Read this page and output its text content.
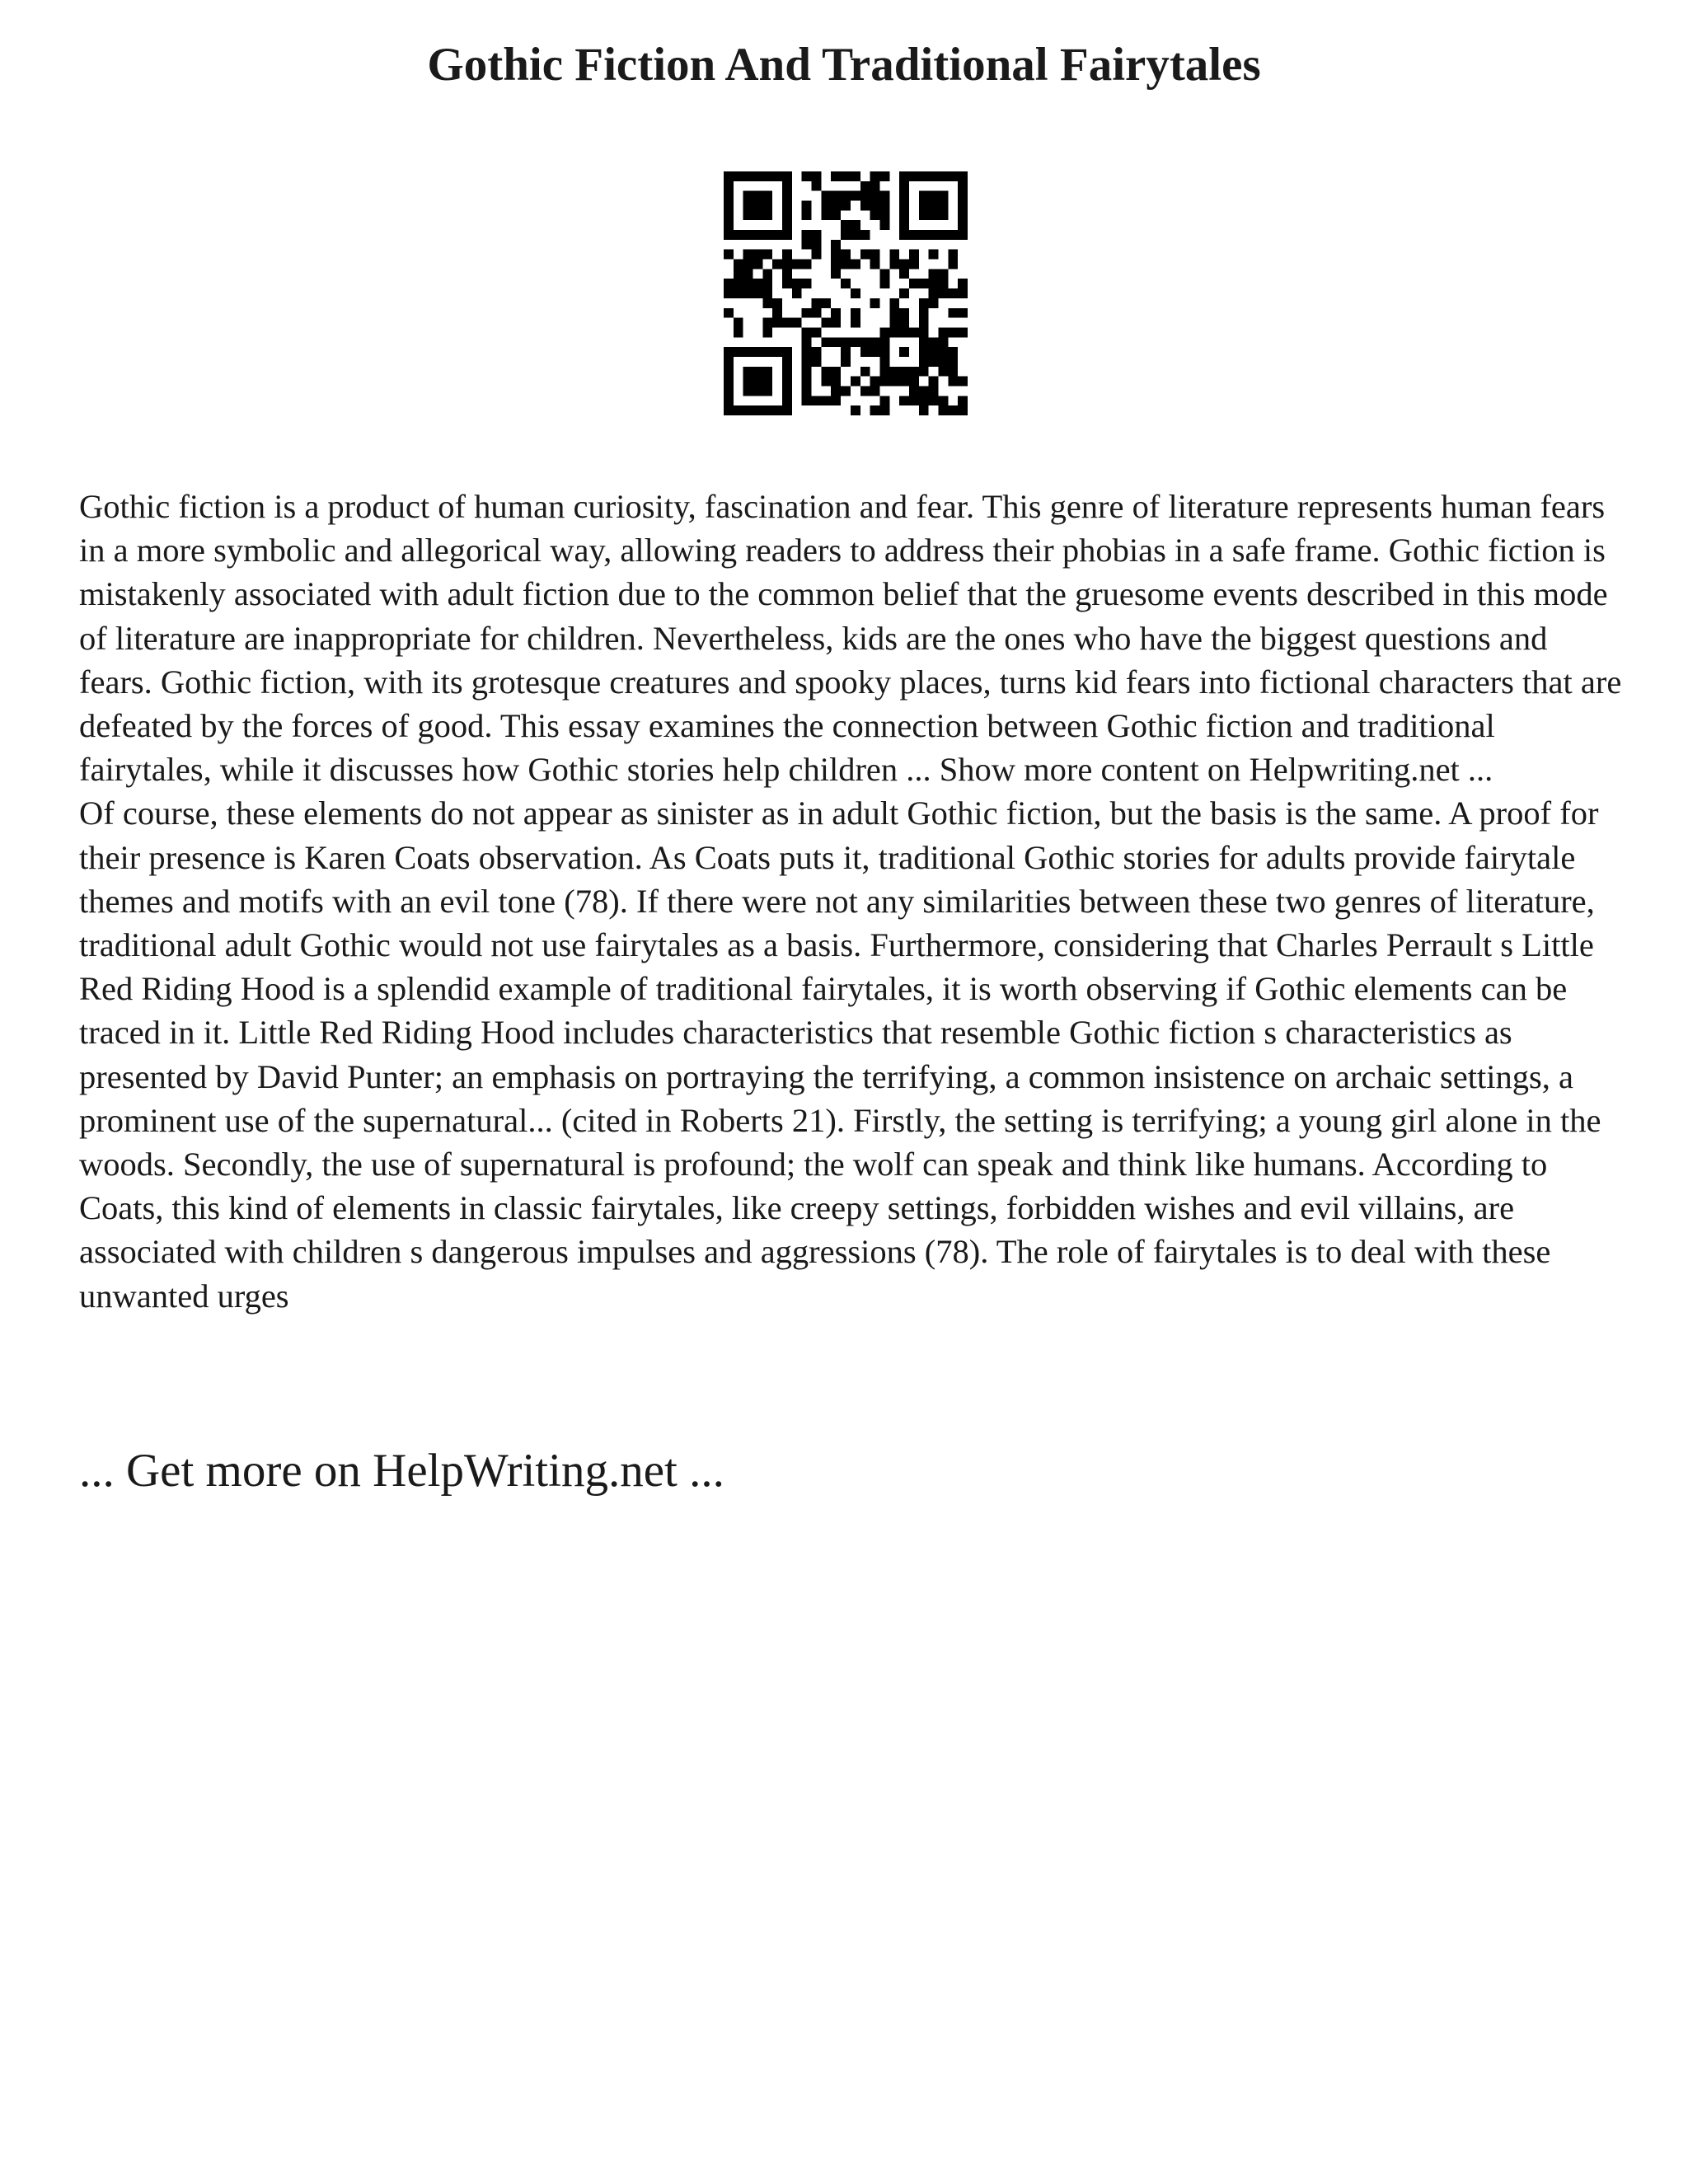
Gothic Fiction And Traditional Fairytales

Gothic fiction is a product of human curiosity, fascination and fear. This genre of literature represents human fears in a more symbolic and allegorical way, allowing readers to address their phobias in a safe frame. Gothic fiction is mistakenly associated with adult fiction due to the common belief that the gruesome events described in this mode of literature are inappropriate for children. Nevertheless, kids are the ones who have the biggest questions and fears. Gothic fiction, with its grotesque creatures and spooky places, turns kid fears into fictional characters that are defeated by the forces of good. This essay examines the connection between Gothic fiction and traditional fairytales, while it discusses how Gothic stories help children ... Show more content on Helpwriting.net ...

Of course, these elements do not appear as sinister as in adult Gothic fiction, but the basis is the same. A proof for their presence is Karen Coats observation. As Coats puts it, traditional Gothic stories for adults provide fairytale themes and motifs with an evil tone (78). If there were not any similarities between these two genres of literature, traditional adult Gothic would not use fairytales as a basis. Furthermore, considering that Charles Perrault s Little Red Riding Hood is a splendid example of traditional fairytales, it is worth observing if Gothic elements can be traced in it. Little Red Riding Hood includes characteristics that resemble Gothic fiction s characteristics as presented by David Punter; an emphasis on portraying the terrifying, a common insistence on archaic settings, a prominent use of the supernatural... (cited in Roberts 21). Firstly, the setting is terrifying; a young girl alone in the woods. Secondly, the use of supernatural is profound; the wolf can speak and think like humans. According to Coats, this kind of elements in classic fairytales, like creepy settings, forbidden wishes and evil villains, are associated with children s dangerous impulses and aggressions (78). The role of fairytales is to deal with these unwanted urges

... Get more on HelpWriting.net ...
